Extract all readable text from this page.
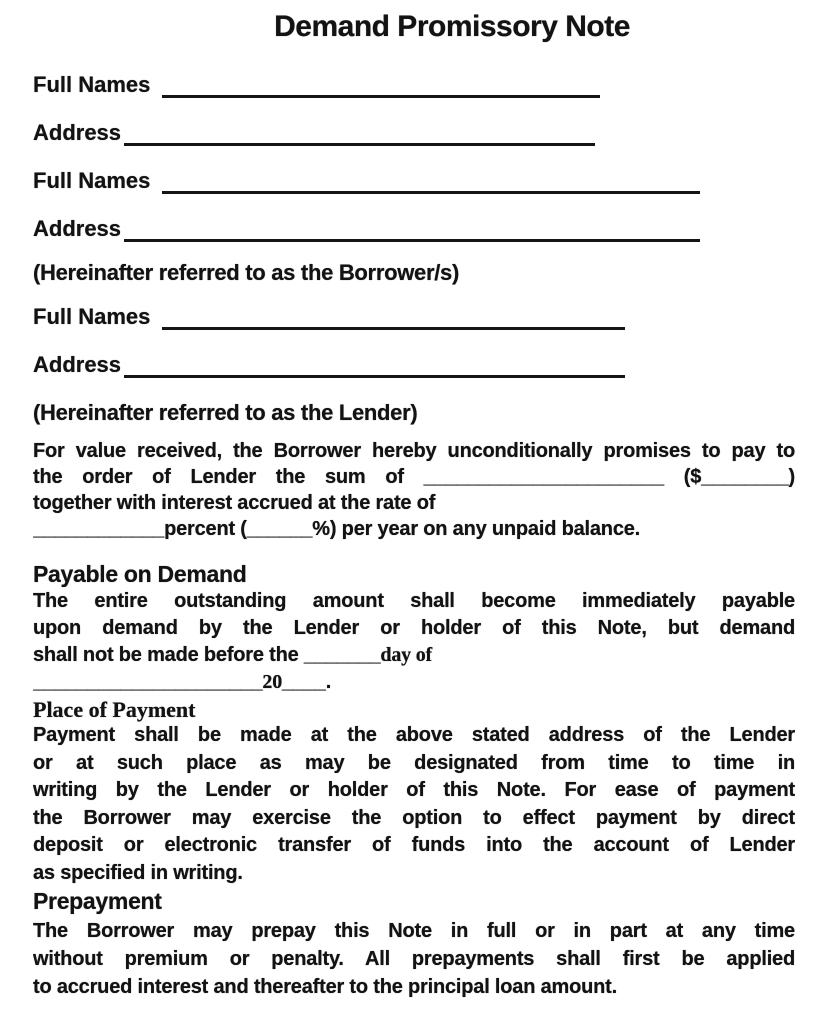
Demand Promissory Note
Full Names
Address
Full Names
Address
(Hereinafter referred to as the Borrower/s)
Full Names
Address
(Hereinafter referred to as the Lender)
For value received, the Borrower hereby unconditionally promises to pay to
the order of Lender the sum of ______________________ ($________)
together with interest accrued at the rate of
____________percent (______%) per year on any unpaid balance.
Payable on Demand
The entire outstanding amount shall become immediately payable
upon demand by the Lender or holder of this Note, but demand
shall not be made before the _______day of
_____________________20____.
Place of Payment
Payment shall be made at the above stated address of the Lender
or at such place as may be designated from time to time in
writing by the Lender or holder of this Note. For ease of payment
the Borrower may exercise the option to effect payment by direct
deposit or electronic transfer of funds into the account of Lender
as specified in writing.
Prepayment
The Borrower may prepay this Note in full or in part at any time
without premium or penalty. All prepayments shall first be applied
to accrued interest and thereafter to the principal loan amount.
